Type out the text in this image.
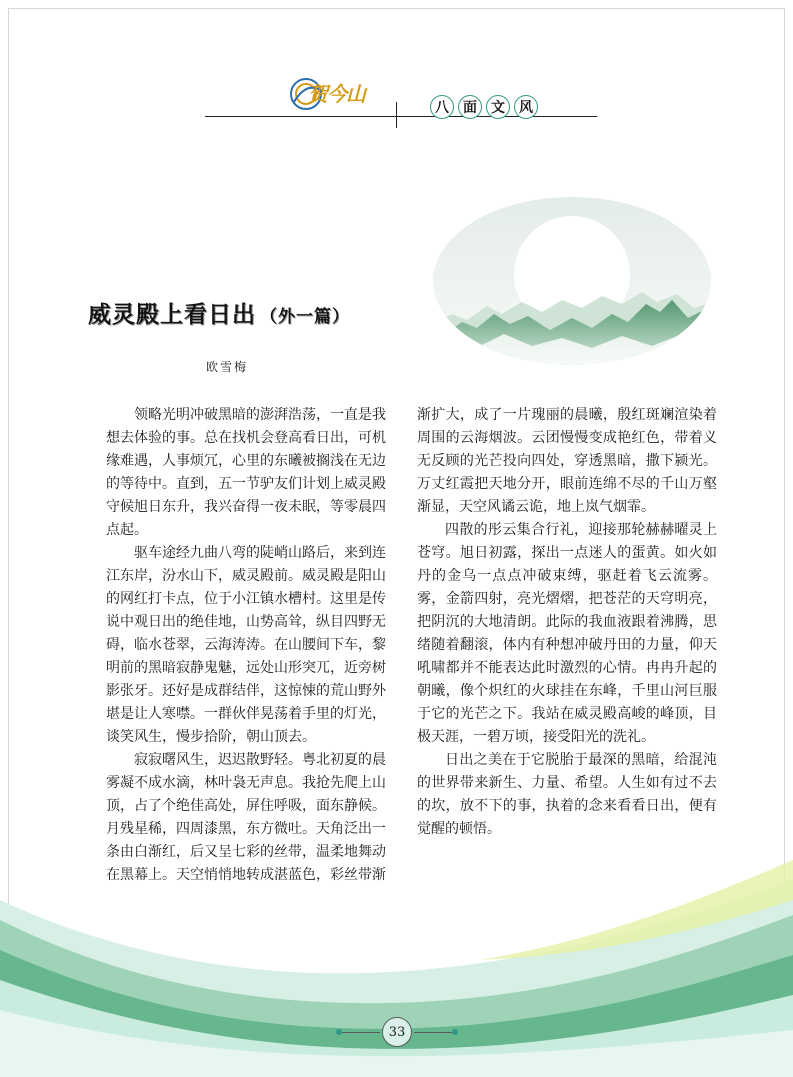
贺今山
八	面	文	风
威灵殿上看日出 （外一篇）
欧雪梅

领略光明冲破黑暗的澎湃浩荡，一直是我想去体验的事。总在找机会登高看日出，可机缘难遇，人事烦冗，心里的东曦被搁浅在无边的等待中。直到，五一节驴友们计划上威灵殿守候旭日东升，我兴奋得一夜未眠，等零晨四点起。

驱车途经九曲八弯的陡峭山路后，来到连江东岸，汾水山下，威灵殿前。威灵殿是阳山的网红打卡点，位于小江镇水槽村。这里是传说中观日出的绝佳地，山势高耸，纵目四野无碍，临水苍翠，云海涛涛。在山腰间下车，黎明前的黑暗寂静鬼魅，远处山形突兀，近旁树影张牙。还好是成群结伴，这惊悚的荒山野外堪是让人寒噤。一群伙伴晃荡着手里的灯光，谈笑风生，慢步拾阶，朝山顶去。

寂寂曙风生，迟迟散野轻。粤北初夏的晨雾凝不成水滴，林叶袅无声息。我抢先爬上山顶，占了个绝佳高处，屏住呼吸，面东静候。月残星稀，四周漆黑，东方微吐。天角泛出一条由白渐红，后又呈七彩的丝带，温柔地舞动在黑幕上。天空悄悄地转成湛蓝色，彩丝带渐

渐扩大，成了一片瑰丽的晨曦，殷红斑斓渲染着周围的云海烟波。云团慢慢变成艳红色，带着义无反顾的光芒投向四处，穿透黑暗，撒下颍光。万丈红霞把天地分开，眼前连绵不尽的千山万壑渐显，天空风谲云诡，地上岚气烟霏。

四散的彤云集合行礼，迎接那轮赫赫曜灵上苍穹。旭日初露，探出一点迷人的蛋黄。如火如丹的金乌一点点冲破束缚，驱赶着飞云流雾。雾，金箭四射，亮光熠熠，把苍茫的天穹明亮，把阴沉的大地清朗。此际的我血液跟着沸腾，思绪随着翻滚，体内有种想冲破丹田的力量，仰天吼啸都并不能表达此时激烈的心情。冉冉升起的朝曦，像个炽红的火球挂在东峰，千里山河巨服于它的光芒之下。我站在威灵殿高峻的峰顶，目极天涯，一碧万顷，接受阳光的洗礼。

日出之美在于它脱胎于最深的黑暗，给混沌的世界带来新生、力量、希望。人生如有过不去的坎，放不下的事，执着的念来看看日出，便有觉醒的顿悟。

33
